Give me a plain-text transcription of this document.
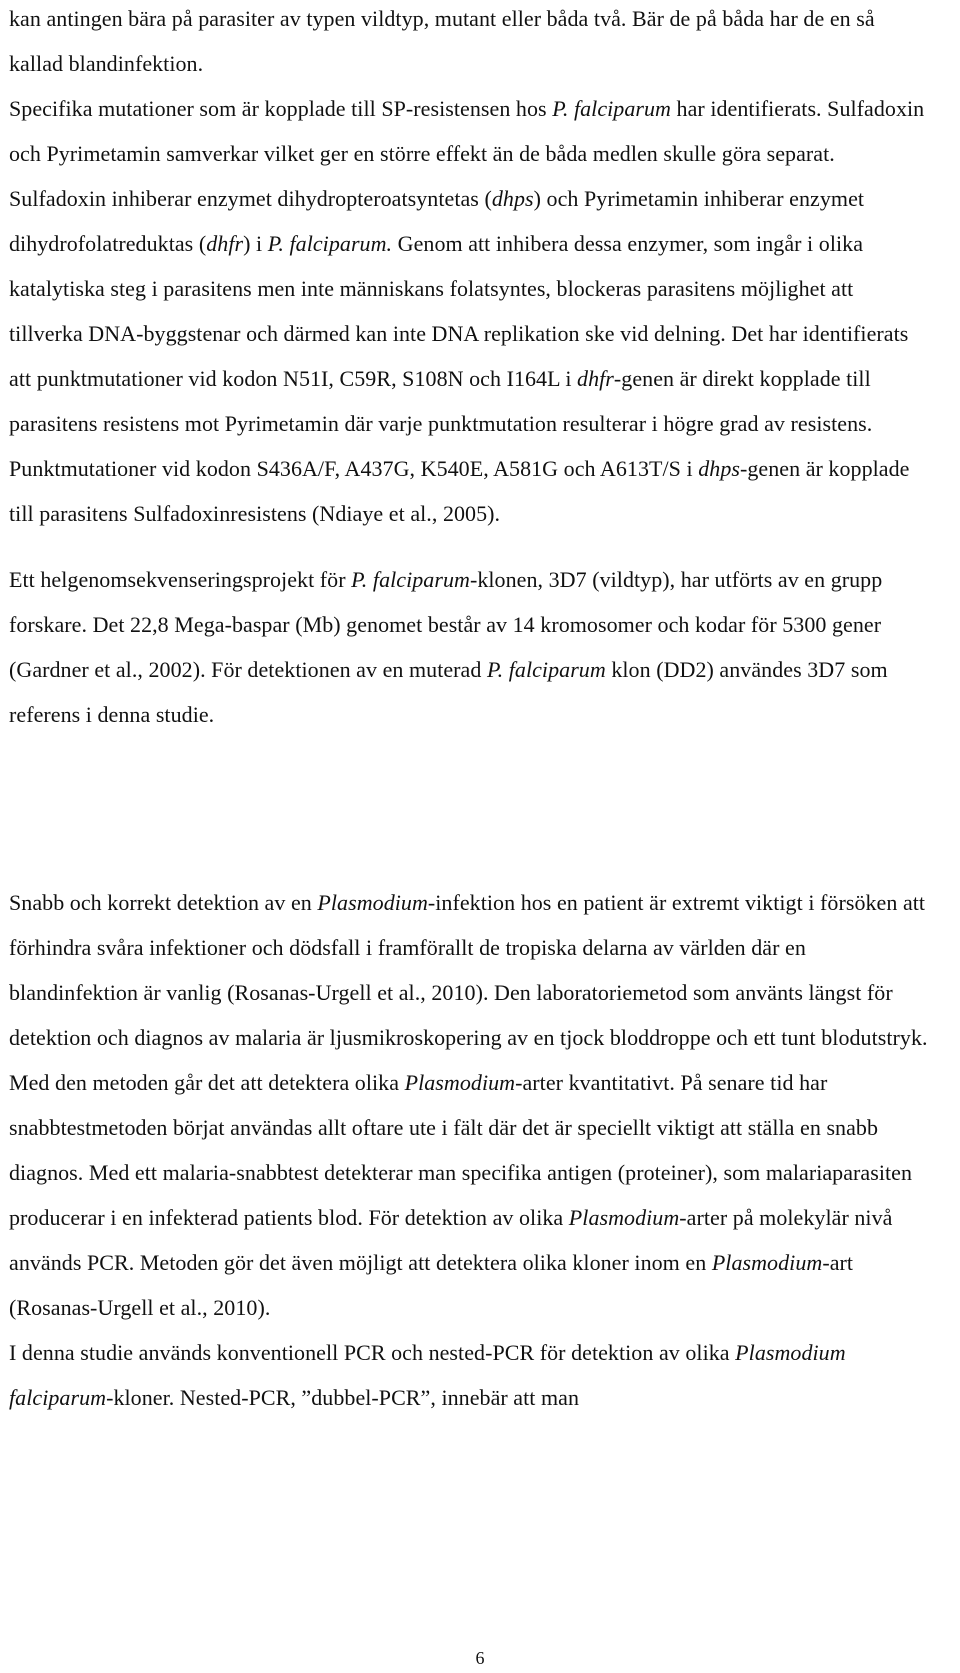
kan antingen bära på parasiter av typen vildtyp, mutant eller båda två. Bär de på båda har de en så kallad blandinfektion.

Specifika mutationer som är kopplade till SP-resistensen hos P. falciparum har identifierats. Sulfadoxin och Pyrimetamin samverkar vilket ger en större effekt än de båda medlen skulle göra separat. Sulfadoxin inhiberar enzymet dihydropteroatsyntetas (dhps) och Pyrimetamin inhiberar enzymet dihydrofolatreduktas (dhfr) i P. falciparum. Genom att inhibera dessa enzymer, som ingår i olika katalytiska steg i parasitens men inte människans folatsyntes, blockeras parasitens möjlighet att tillverka DNA-byggstenar och därmed kan inte DNA replikation ske vid delning. Det har identifierats att punktmutationer vid kodon N51I, C59R, S108N och I164L i dhfr-genen är direkt kopplade till parasitens resistens mot Pyrimetamin där varje punktmutation resulterar i högre grad av resistens. Punktmutationer vid kodon S436A/F, A437G, K540E, A581G och A613T/S i dhps-genen är kopplade till parasitens Sulfadoxinresistens (Ndiaye et al., 2005).

Ett helgenomsekvenseringsprojekt för P. falciparum-klonen, 3D7 (vildtyp), har utförts av en grupp forskare. Det 22,8 Mega-baspar (Mb) genomet består av 14 kromosomer och kodar för 5300 gener (Gardner et al., 2002). För detektionen av en muterad P. falciparum klon (DD2) användes 3D7 som referens i denna studie.

Snabb och korrekt detektion av en Plasmodium-infektion hos en patient är extremt viktigt i försöken att förhindra svåra infektioner och dödsfall i framförallt de tropiska delarna av världen där en blandinfektion är vanlig (Rosanas-Urgell et al., 2010). Den laboratoriemetod som använts längst för detektion och diagnos av malaria är ljusmikroskopering av en tjock bloddroppe och ett tunt blodutstryk. Med den metoden går det att detektera olika Plasmodium-arter kvantitativt. På senare tid har snabbtestmetoden börjat användas allt oftare ute i fält där det är speciellt viktigt att ställa en snabb diagnos. Med ett malaria-snabbtest detekterar man specifika antigen (proteiner), som malariaparasiten producerar i en infekterad patients blod. För detektion av olika Plasmodium-arter på molekylär nivå används PCR. Metoden gör det även möjligt att detektera olika kloner inom en Plasmodium-art (Rosanas-Urgell et al., 2010).

I denna studie används konventionell PCR och nested-PCR för detektion av olika Plasmodium falciparum-kloner. Nested-PCR, ”dubbel-PCR”, innebär att man

6
